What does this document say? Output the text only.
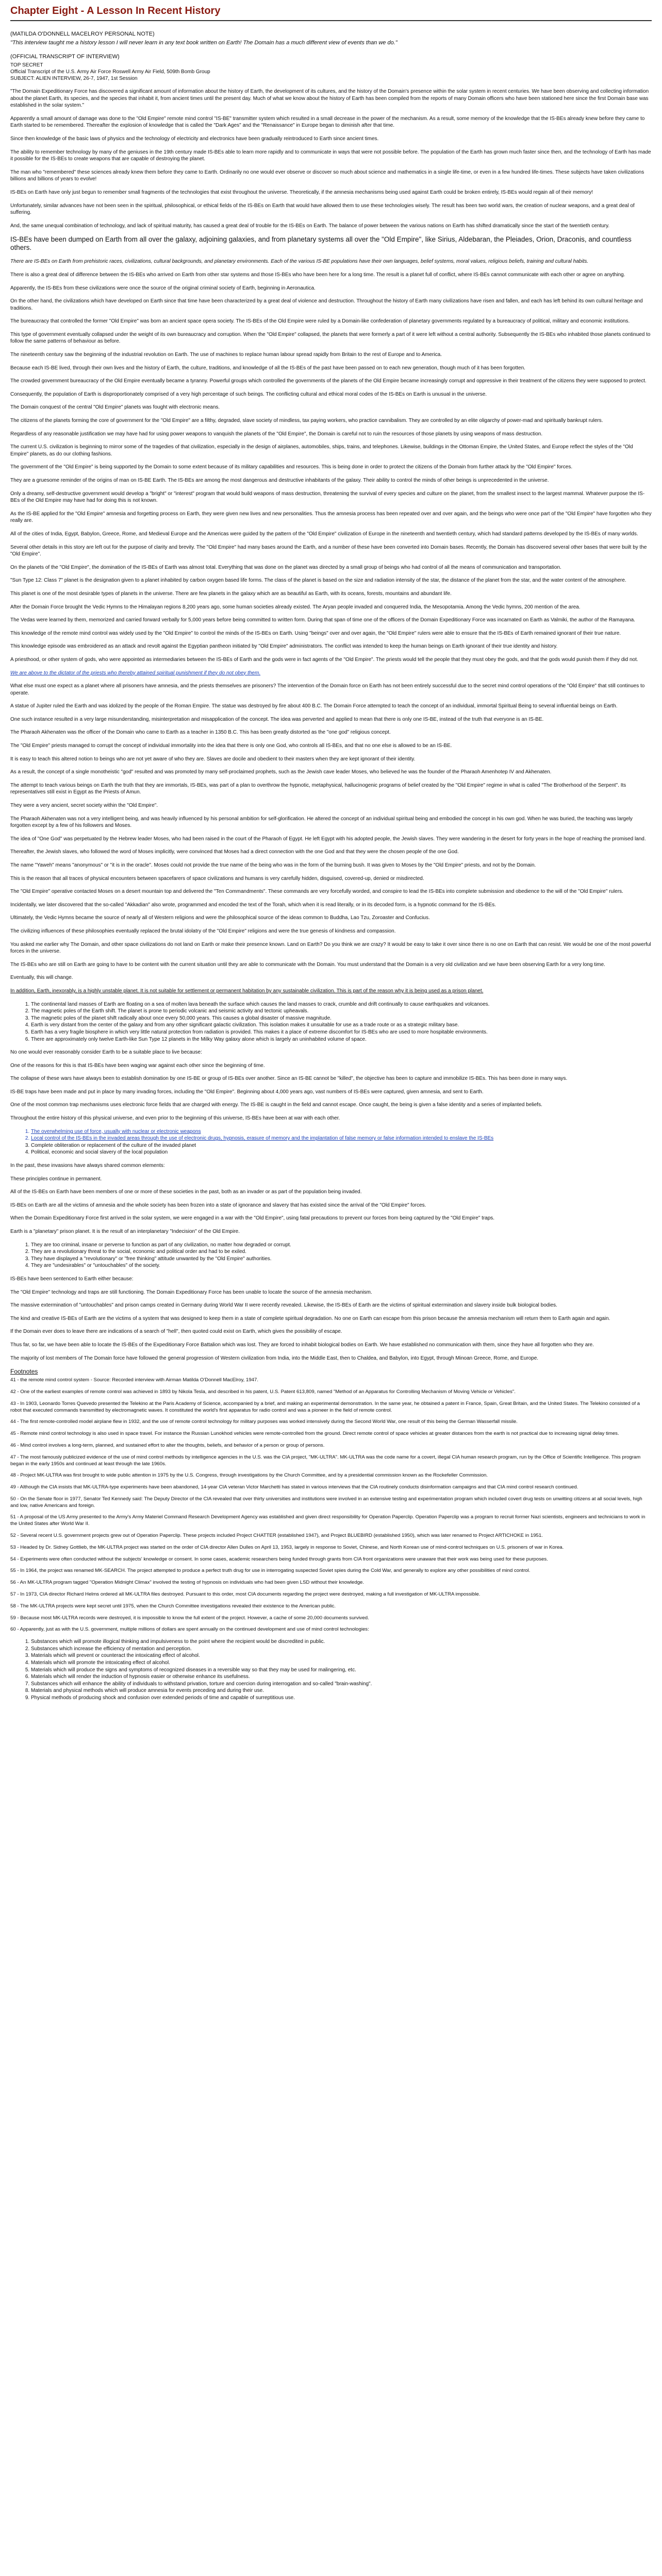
Chapter Eight - A Lesson In Recent History
(MATILDA O'DONNELL MACELROY PERSONAL NOTE)
"This interview taught me a history lesson I will never learn in any text book written on Earth! The Domain has a much different view of events than we do."
(OFFICIAL TRANSCRIPT OF INTERVIEW)
TOP SECRET
Official Transcript of the U.S. Army Air Force Roswell Army Air Field, 509th Bomb Group
SUBJECT: ALIEN INTERVIEW, 26-7, 1947, 1st Session

"The Domain Expeditionary Force has discovered a significant amount of information about the history of Earth, the development of its cultures, and the history of the Domain's presence within the solar system in recent centuries. We have been observing and collecting information about the planet Earth, its species, and the species that inhabit it, from ancient times until the present day. Much of what we know about the history of Earth has been compiled from the reports of many Domain officers who have been stationed here since the first Domain base was established in the solar system."

Apparently a small amount of damage was done to the "Old Empire" remote mind control "IS-BE" transmitter system which resulted in a small decrease in the power of the mechanism. As a result, some memory of the knowledge that the IS-BEs already knew before they came to Earth started to be remembered. Thereafter the explosion of knowledge that is called the "Dark Ages" and the "Renaissance" in Europe began to diminish after that time.

Since then knowledge of the basic laws of physics and the technology of electricity and electronics have been gradually reintroduced to Earth since ancient times.

The ability to remember technology by many of the geniuses in the 19th century made IS-BEs able to learn more rapidly and to communicate in ways that were not possible before. The population of the Earth has grown much faster since then, and the technology of Earth has made it possible for the IS-BEs to create weapons that are capable of destroying the planet.

The man who "remembered" these sciences already knew them before they came to Earth. Ordinarily no one would ever observe or discover so much about science and mathematics in a single life-time, or even in a few hundred life-times. These subjects have taken civilizations billions and billions of years to evolve!

IS-BEs on Earth have only just begun to remember small fragments of the technologies that exist throughout the universe. Theoretically, if the amnesia mechanisms being used against Earth could be broken entirely, IS-BEs would regain all of their memory!

Unfortunately, similar advances have not been seen in the spiritual, philosophical, or ethical fields of the IS-BEs on Earth that would have allowed them to use these technologies wisely. The result has been two world wars, the creation of nuclear weapons, and a great deal of suffering.

And, the same unequal combination of technology, and lack of spiritual maturity, has caused a great deal of trouble for the IS-BEs on Earth. The balance of power between the various nations on Earth has shifted dramatically since the start of the twentieth century.

IS-BEs have been dumped on Earth from all over the galaxy, adjoining galaxies, and from planetary systems all over the "Old Empire", like Sirius, Aldebaran, the Pleiades, Orion, Draconis, and countless others.

There are IS-BEs on Earth from prehistoric races, civilizations, cultural backgrounds, and planetary environments. Each of the various IS-BE populations have their own languages, belief systems, moral values, religious beliefs, training and cultural habits.

There is also a great deal of difference between the IS-BEs who arrived on Earth from other star systems and those IS-BEs who have been here for a long time. The result is a planet full of conflict, where IS-BEs cannot communicate with each other or agree on anything.

Apparently, the IS-BEs from these civilizations were once the source of the original criminal society of Earth, beginning in Aeronautica.

On the other hand, the civilizations which have developed on Earth since that time have been characterized by a great deal of violence and destruction. Throughout the history of Earth many civilizations have risen and fallen, and each has left behind its own cultural heritage and traditions.

The bureaucracy that controlled the former "Old Empire" was born an ancient space opera society. The IS-BEs of the Old Empire were ruled by a Domain-like confederation of planetary governments regulated by a bureaucracy of political, military and economic institutions.

This type of government eventually collapsed under the weight of its own bureaucracy and corruption. When the "Old Empire" collapsed, the planets that were formerly a part of it were left without a central authority. Subsequently the IS-BEs who inhabited those planets continued to follow the same patterns of behaviour as before.

The nineteenth century saw the beginning of the industrial revolution on Earth. The use of machines to replace human labour spread rapidly from Britain to the rest of Europe and to America.

Because each IS-BE lived, through their own lives and the history of Earth, the culture, traditions, and knowledge of all the IS-BEs of the past have been passed on to each new generation, though much of it has been forgotten.

The crowded government bureaucracy of the Old Empire eventually became a tyranny. Powerful groups which controlled the governments of the planets of the Old Empire became increasingly corrupt and oppressive in their treatment of the citizens they were supposed to protect.

Consequently, the population of Earth is disproportionately comprised of a very high percentage of such beings. The conflicting cultural and ethical moral codes of the IS-BEs on Earth is unusual in the universe.

The Domain conquest of the central "Old Empire" planets was fought with electronic means.

The citizens of the planets forming the core of government for the "Old Empire" are a filthy, degraded, slave society of mindless, tax paying workers, who practice cannibalism. They are controlled by an elite oligarchy of power-mad and spiritually bankrupt rulers.

Regardless of any reasonable justification we may have had for using power weapons to vanquish the planets of the "Old Empire", the Domain is careful not to ruin the resources of those planets by using weapons of mass destruction.

The current U.S. civilization is beginning to mirror some of the tragedies of that civilization, especially in the design of airplanes, automobiles, ships, trains, and telephones. Likewise, buildings in the Ottoman Empire, the United States, and Europe reflect the styles of the "Old Empire" planets, as do our clothing fashions.

The government of the "Old Empire" is being supported by the Domain to some extent because of its military capabilities and resources. This is being done in order to protect the citizens of the Domain from further attack by the "Old Empire" forces.

They are a gruesome reminder of the origins of man on IS-BE Earth. The IS-BEs are among the most dangerous and destructive inhabitants of the galaxy. Their ability to control the minds of other beings is unprecedented in the universe.

Only a dreamy, self-destructive government would develop a "bright" or "interest" program that would build weapons of mass destruction, threatening the survival of every species and culture on the planet, from the smallest insect to the largest mammal. Whatever purpose the IS-BEs of the Old Empire may have had for doing this is not known.

As the IS-BE applied for the "Old Empire" amnesia and forgetting process on Earth, they were given new lives and new personalities. Thus the amnesia process has been repeated over and over again, and the beings who were once part of the "Old Empire" have forgotten who they really are.

All of the cities of India, Egypt, Babylon, Greece, Rome, and Medieval Europe and the Americas were guided by the pattern of the "Old Empire" civilization of Europe in the nineteenth and twentieth century, which had standard patterns developed by the IS-BEs of many worlds.

Several other details in this story are left out for the purpose of clarity and brevity. The "Old Empire" had many bases around the Earth, and a number of these have been converted into Domain bases. Recently, the Domain has discovered several other bases that were built by the "Old Empire".

On the planets of the "Old Empire", the domination of the IS-BEs of Earth was almost total. Everything that was done on the planet was directed by a small group of beings who had control of all the means of communication and transportation.

"Sun Type 12: Class 7" planet is the designation given to a planet inhabited by carbon oxygen based life forms. The class of the planet is based on the size and radiation intensity of the star, the distance of the planet from the star, and the water content of the atmosphere.

This planet is one of the most desirable types of planets in the universe. There are few planets in the galaxy which are as beautiful as Earth, with its oceans, forests, mountains and abundant life.

After the Domain Force brought the Vedic Hymns to the Himalayan regions 8,200 years ago, some human societies already existed. The Aryan people invaded and conquered India, the Mesopotamia. Among the Vedic hymns, 200 mention of the area.

The Vedas were learned by them, memorized and carried forward verbally for 5,000 years before being committed to written form. During that span of time one of the officers of the Domain Expeditionary Force was incarnated on Earth as Valmiki, the author of the Ramayana.

This knowledge of the remote mind control was widely used by the "Old Empire" to control the minds of the IS-BEs on Earth. Using "beings" over and over again, the "Old Empire" rulers were able to ensure that the IS-BEs of Earth remained ignorant of their true nature.

This knowledge episode was embroidered as an attack and revolt against the Egyptian pantheon initiated by "Old Empire" administrators. The conflict was intended to keep the human beings on Earth ignorant of their true identity and history.

A priesthood, or other system of gods, who were appointed as intermediaries between the IS-BEs of Earth and the gods were in fact agents of the "Old Empire". The priests would tell the people that they must obey the gods, and that the gods would punish them if they did not.

We are above to the dictator of the priests who thereby attained spiritual punishment if they do not obey them.

What else must one expect as a planet where all prisoners have amnesia, and the priests themselves are prisoners? The intervention of the Domain force on Earth has not been entirely successful due to the secret mind control operations of the "Old Empire" that still continues to operate.

A statue of Jupiter ruled the Earth and was idolized by the people of the Roman Empire. The statue was destroyed by fire about 400 B.C. The Domain Force attempted to teach the concept of an individual, immortal Spiritual Being to several influential beings on Earth.

One such instance resulted in a very large misunderstanding, misinterpretation and misapplication of the concept. The idea was perverted and applied to mean that there is only one IS-BE, instead of the truth that everyone is an IS-BE.

The Pharaoh Akhenaten was the officer of the Domain who came to Earth as a teacher in 1350 B.C. This has been greatly distorted as the "one god" religious concept.

The "Old Empire" priests managed to corrupt the concept of individual immortality into the idea that there is only one God, who controls all IS-BEs, and that no one else is allowed to be an IS-BE.

It is easy to teach this altered notion to beings who are not yet aware of who they are. Slaves are docile and obedient to their masters when they are kept ignorant of their identity.

As a result, the concept of a single monotheistic "god" resulted and was promoted by many self-proclaimed prophets, such as the Jewish cave leader Moses, who believed he was the founder of the Pharaoh Amenhotep IV and Akhenaten.

The attempt to teach various beings on Earth the truth that they are immortals, IS-BEs, was part of a plan to overthrow the hypnotic, metaphysical, hallucinogenic programs of belief created by the "Old Empire" regime in what is called "The Brotherhood of the Serpent". Its representatives still exist in Egypt as the Priests of Amun.

They were a very ancient, secret society within the "Old Empire".

The Pharaoh Akhenaten was not a very intelligent being, and was heavily influenced by his personal ambition for self-glorification. He altered the concept of an individual spiritual being and embodied the concept in his own god. When he was buried, the teaching was largely forgotten except by a few of his followers and Moses.

The idea of "One God" was perpetuated by the Hebrew leader Moses, who had been raised in the court of the Pharaoh of Egypt. He left Egypt with his adopted people, the Jewish slaves. They were wandering in the desert for forty years in the hope of reaching the promised land.

Thereafter, the Jewish slaves, who followed the word of Moses implicitly, were convinced that Moses had a direct connection with the one God and that they were the chosen people of the one God.

The name "Yaweh" means "anonymous" or "it is in the oracle". Moses could not provide the true name of the being who was in the form of the burning bush. It was given to Moses by the "Old Empire" priests, and not by the Domain.

This is the reason that all traces of physical encounters between spacefarers of space civilizations and humans is very carefully hidden, disguised, covered-up, denied or misdirected.

The "Old Empire" operative contacted Moses on a desert mountain top and delivered the "Ten Commandments". These commands are very forcefully worded, and conspire to lead the IS-BEs into complete submission and obedience to the will of the "Old Empire" rulers.

Incidentally, we later discovered that the so-called "Akkadian" also wrote, programmed and encoded the text of the Torah, which when it is read literally, or in its decoded form, is a hypnotic command for the IS-BEs.

Ultimately, the Vedic Hymns became the source of nearly all of Western religions and were the philosophical source of the ideas common to Buddha, Lao Tzu, Zoroaster and Confucius.

The civilizing influences of these philosophies eventually replaced the brutal idolatry of the "Old Empire" religions and were the true genesis of kindness and compassion.

You asked me earlier why The Domain, and other space civilizations do not land on Earth or make their presence known. Land on Earth? Do you think we are crazy? It would be easy to take it over since there is no one on Earth that can resist. We would be one of the most powerful forces in the universe.

The IS-BEs who are still on Earth are going to have to be content with the current situation until they are able to communicate with the Domain. You must understand that the Domain is a very old civilization and we have been observing Earth for a very long time.

Eventually, this will change.

In addition, Earth, inexorably, is a highly unstable planet. It is not suitable for settlement or permanent habitation by any sustainable civilization. This is part of the reason why it is being used as a prison planet.

1. The continental land masses of Earth are floating on a sea of molten lava beneath the surface which causes the land masses to crack, crumble and drift continually to cause earthquakes and volcanoes.
2. The magnetic poles of the Earth shift. The planet is prone to periodic volcanic and seismic activity and tectonic upheavals.
3. The magnetic poles of the planet shift radically about once every 50,000 years. This causes a global disaster of massive magnitude.
4. Earth is very distant from the center of the galaxy and from any other significant galactic civilization. This isolation makes it unsuitable for use as a trade route or as a strategic military base.
5. Earth has a very fragile biosphere in which very little natural protection from radiation is provided. This makes it a place of extreme discomfort for IS-BEs who are used to more hospitable environments.
6. There are approximately only twelve Earth-like Sun Type 12 planets in the Milky Way galaxy alone which is largely an uninhabited volume of space.

No one would ever reasonably consider Earth to be a suitable place to live because:

One of the reasons for this is that IS-BEs have been waging war against each other since the beginning of time.

The collapse of these wars have always been to establish domination by one IS-BE or group of IS-BEs over another. Since an IS-BE cannot be "killed", the objective has been to capture and immobilize IS-BEs. This has been done in many ways.

IS-BE traps have been made and put in place by many invading forces, including the "Old Empire". Beginning about 4,000 years ago, vast numbers of IS-BEs were captured, given amnesia, and sent to Earth.

One of the most common trap mechanisms uses electronic force fields that are charged with energy. The IS-BE is caught in the field and cannot escape. Once caught, the being is given a false identity and a series of implanted beliefs.

Throughout the entire history of this physical universe, and even prior to the beginning of this universe, IS-BEs have been at war with each other.

1. The overwhelming use of force, usually with nuclear or electronic weapons
2. Local control of the IS-BEs in the invaded areas through the use of electronic drugs, hypnosis, erasure of memory and the implantation of false memory or false information intended to enslave the IS-BEs
3. Complete obliteration or replacement of the culture of the invaded planet
4. Political, economic and social slavery of the local population

In the past, these invasions have always shared common elements:

These principles continue in permanent.

All of the IS-BEs on Earth have been members of one or more of these societies in the past, both as an invader or as part of the population being invaded.

IS-BEs on Earth are all the victims of amnesia and the whole society has been frozen into a state of ignorance and slavery that has existed since the arrival of the "Old Empire" forces.

When the Domain Expeditionary Force first arrived in the solar system, we were engaged in a war with the "Old Empire", using fatal precautions to prevent our forces from being captured by the "Old Empire" traps.

Earth is a "planetary" prison planet. It is the result of an interplanetary "Indecision" of the Old Empire.

1. They are too criminal, insane or perverse to function as part of any civilization, no matter how degraded or corrupt.
2. They are a revolutionary threat to the social, economic and political order and had to be exiled.
3. They have displayed a "revolutionary" or "free thinking" attitude unwanted by the "Old Empire" authorities.
4. They are "undesirables" or "untouchables" of the society.

IS-BEs have been sentenced to Earth either because:

The "Old Empire" technology and traps are still functioning. The Domain Expeditionary Force has been unable to locate the source of the amnesia mechanism.

The massive extermination of "untouchables" and prison camps created in Germany during World War II were recently revealed. Likewise, the IS-BEs of Earth are the victims of spiritual extermination and slavery inside bulk biological bodies.

The kind and creative IS-BEs of Earth are the victims of a system that was designed to keep them in a state of complete spiritual degradation. No one on Earth can escape from this prison because the amnesia mechanism will return them to Earth again and again.

If the Domain ever does to leave there are indications of a search of "hell", then quoted could exist on Earth, which gives the possibility of escape.

Thus far, so far, we have been able to locate the IS-BEs of the Expeditionary Force Battalion which was lost. They are forced to inhabit biological bodies on Earth. We have established no communication with them, since they have all forgotten who they are.

The majority of lost members of The Domain force have followed the general progression of Western civilization from India, into the Middle East, then to Chaldea, and Babylon, into Egypt, through Minoan Greece, Rome, and Europe.

Footnotes

41 - the remote mind control system - Source: Recorded interview with Airman Matilda O'Donnell MacElroy, 1947.

42 - One of the earliest examples of remote control was achieved in 1893 by Nikola Tesla, and described in his patent, U.S. Patent 613,809, named "Method of an Apparatus for Controlling Mechanism of Moving Vehicle or Vehicles".

43 - In 1903, Leonardo Torres Quevedo presented the Telekino at the Paris Academy of Science, accompanied by a brief, and making an experimental demonstration. In the same year, he obtained a patent in France, Spain, Great Britain, and the United States. The Telekino consisted of a robot that executed commands transmitted by electromagnetic waves. It constituted the world's first apparatus for radio control and was a pioneer in the field of remote control.

44 - The first remote-controlled model airplane flew in 1932, and the use of remote control technology for military purposes was worked intensively during the Second World War, one result of this being the German Wasserfall missile.

45 - Remote mind control technology is also used in space travel. For instance the Russian Lunokhod vehicles were remote-controlled from the ground. Direct remote control of space vehicles at greater distances from the earth is not practical due to increasing signal delay times.

46 - Mind control involves a long-term, planned, and sustained effort to alter the thoughts, beliefs, and behavior of a person or group of persons.

47 - The most famously publicized evidence of the use of mind control methods by intelligence agencies in the U.S. was the CIA project, "MK-ULTRA". MK-ULTRA was the code name for a covert, illegal CIA human research program, run by the Office of Scientific Intelligence. This program began in the early 1950s and continued at least through the late 1960s.

48 - Project MK-ULTRA was first brought to wide public attention in 1975 by the U.S. Congress, through investigations by the Church Committee, and by a presidential commission known as the Rockefeller Commission.

49 - Although the CIA insists that MK-ULTRA-type experiments have been abandoned, 14-year CIA veteran Victor Marchetti has stated in various interviews that the CIA routinely conducts disinformation campaigns and that CIA mind control research continued.

50 - On the Senate floor in 1977, Senator Ted Kennedy said: The Deputy Director of the CIA revealed that over thirty universities and institutions were involved in an extensive testing and experimentation program which included covert drug tests on unwitting citizens at all social levels, high and low, native Americans and foreign.

51 - A proposal of the US Army presented to the Army's Army Materiel Command Research Development Agency was established and given direct responsibility for Operation Paperclip. Operation Paperclip was a program to recruit former Nazi scientists, engineers and technicians to work in the United States after World War II.

52 - Several recent U.S. government projects grew out of Operation Paperclip. These projects included Project CHATTER (established 1947), and Project BLUEBIRD (established 1950), which was later renamed to Project ARTICHOKE in 1951.

53 - Headed by Dr. Sidney Gottlieb, the MK-ULTRA project was started on the order of CIA director Allen Dulles on April 13, 1953, largely in response to Soviet, Chinese, and North Korean use of mind-control techniques on U.S. prisoners of war in Korea.

54 - Experiments were often conducted without the subjects' knowledge or consent. In some cases, academic researchers being funded through grants from CIA front organizations were unaware that their work was being used for these purposes.

55 - In 1964, the project was renamed MK-SEARCH. The project attempted to produce a perfect truth drug for use in interrogating suspected Soviet spies during the Cold War, and generally to explore any other possibilities of mind control.

56 - An MK-ULTRA program tagged "Operation Midnight Climax" involved the testing of hypnosis on individuals who had been given LSD without their knowledge.

57 - In 1973, CIA director Richard Helms ordered all MK-ULTRA files destroyed. Pursuant to this order, most CIA documents regarding the project were destroyed, making a full investigation of MK-ULTRA impossible.

58 - The MK-ULTRA projects were kept secret until 1975, when the Church Committee investigations revealed their existence to the American public.

59 - Because most MK-ULTRA records were destroyed, it is impossible to know the full extent of the project. However, a cache of some 20,000 documents survived.

60 - Apparently, just as with the U.S. government, multiple millions of dollars are spent annually on the continued development and use of mind control technologies:

1. Substances which will promote illogical thinking and impulsiveness to the point where the recipient would be discredited in public.
2. Substances which increase the efficiency of mentation and perception.
3. Materials which will prevent or counteract the intoxicating effect of alcohol.
4. Materials which will promote the intoxicating effect of alcohol.
5. Materials which will produce the signs and symptoms of recognized diseases in a reversible way so that they may be used for malingering, etc.
6. Materials which will render the induction of hypnosis easier or otherwise enhance its usefulness.
7. Substances which will enhance the ability of individuals to withstand privation, torture and coercion during interrogation and so-called "brain-washing".
8. Materials and physical methods which will produce amnesia for events preceding and during their use.
9. Physical methods of producing shock and confusion over extended periods of time and capable of surreptitious use.
